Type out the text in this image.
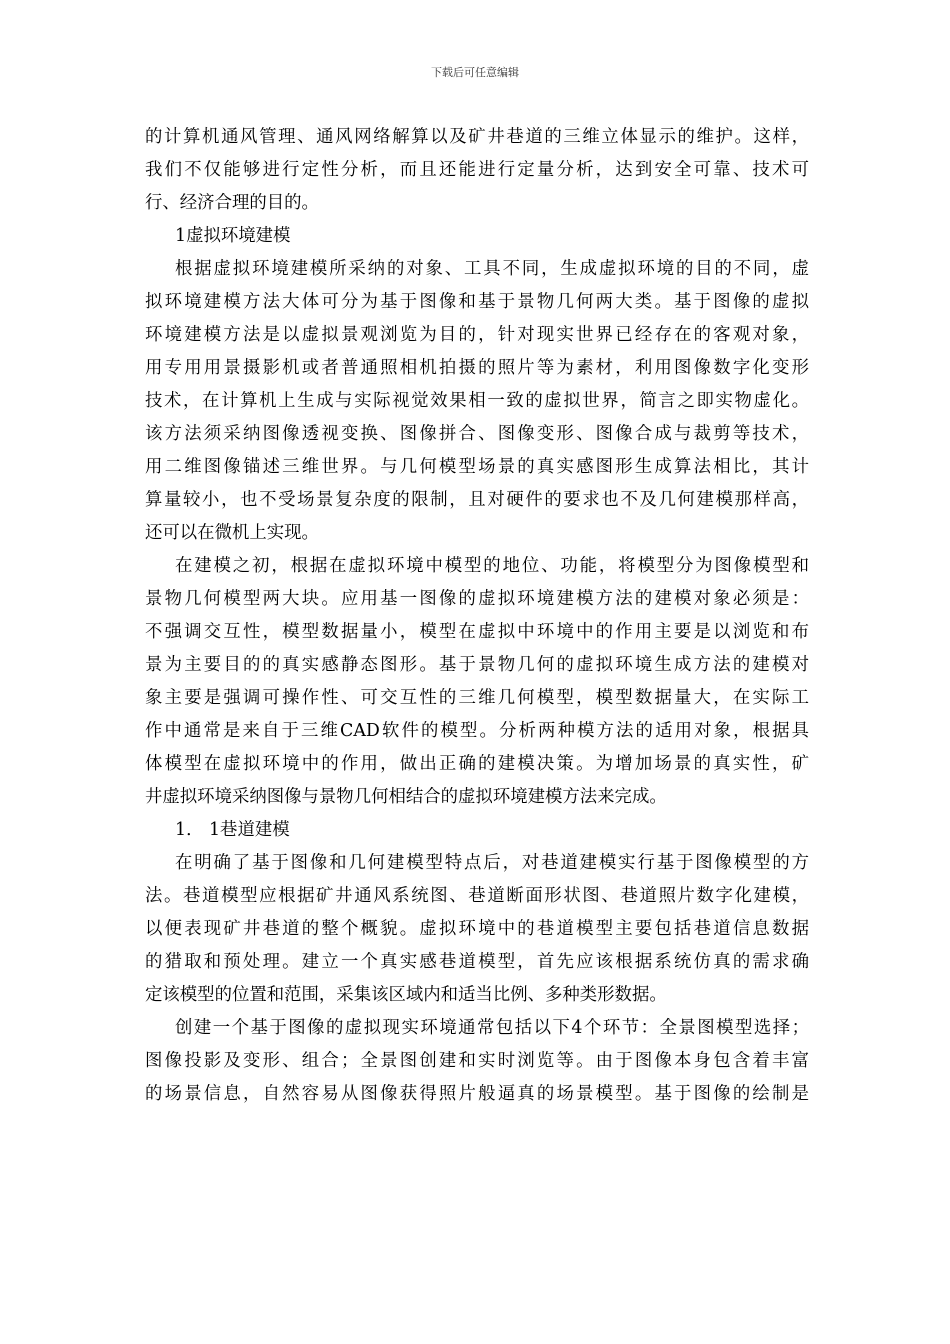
下载后可任意编辑
的计算机通风管理、通风网络解算以及矿井巷道的三维立体显示的维护。这样，
我们不仅能够进行定性分析，而且还能进行定量分析，达到安全可靠、技术可
行、经济合理的目的。
1虚拟环境建模
根据虚拟环境建模所采纳的对象、工具不同，生成虚拟环境的目的不同，虚
拟环境建模方法大体可分为基于图像和基于景物几何两大类。基于图像的虚拟
环境建模方法是以虚拟景观浏览为目的，针对现实世界已经存在的客观对象，
用专用用景摄影机或者普通照相机拍摄的照片等为素材，利用图像数字化变形
技术，在计算机上生成与实际视觉效果相一致的虚拟世界，简言之即实物虚化。
该方法须采纳图像透视变换、图像拼合、图像变形、图像合成与裁剪等技术，
用二维图像锚述三维世界。与几何模型场景的真实感图形生成算法相比，其计
算量较小，也不受场景复杂度的限制，且对硬件的要求也不及几何建模那样高，
还可以在微机上实现。
在建模之初，根据在虚拟环境中模型的地位、功能，将模型分为图像模型和
景物几何模型两大块。应用基一图像的虚拟环境建模方法的建模对象必须是：
不强调交互性，模型数据量小，模型在虚拟中环境中的作用主要是以浏览和布
景为主要目的的真实感静态图形。基于景物几何的虚拟环境生成方法的建模对
象主要是强调可操作性、可交互性的三维几何模型，模型数据量大，在实际工
作中通常是来自于三维CAD软件的模型。分析两种模方法的适用对象，根据具
体模型在虚拟环境中的作用，做出正确的建模决策。为增加场景的真实性，矿
井虚拟环境采纳图像与景物几何相结合的虚拟环境建模方法来完成。
1． 1巷道建模
在明确了基于图像和几何建模型特点后，对巷道建模实行基于图像模型的方
法。巷道模型应根据矿井通风系统图、巷道断面形状图、巷道照片数字化建模，
以便表现矿井巷道的整个概貌。虚拟环境中的巷道模型主要包括巷道信息数据
的猎取和预处理。建立一个真实感巷道模型，首先应该根据系统仿真的需求确
定该模型的位置和范围，采集该区域内和适当比例、多种类形数据。
创建一个基于图像的虚拟现实环境通常包括以下4个环节：全景图模型选择；
图像投影及变形、组合；全景图创建和实时浏览等。由于图像本身包含着丰富
的场景信息，自然容易从图像获得照片般逼真的场景模型。基于图像的绘制是
